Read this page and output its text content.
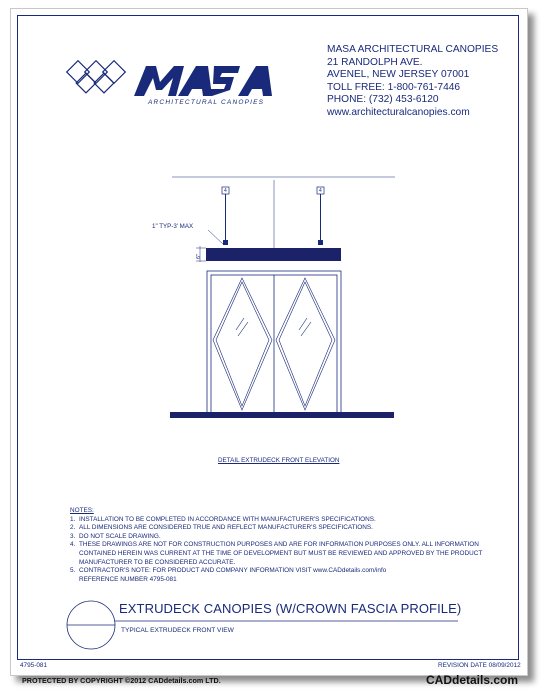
ARCHITECTURAL CANOPIES
MASA ARCHITECTURAL CANOPIES
21 RANDOLPH AVE.
AVENEL, NEW JERSEY 07001
TOLL FREE: 1-800-761-7446
PHONE: (732) 453-6120
www.architecturalcanopies.com
4	4
1" TYP-3' MAX
6"
DETAIL EXTRUDECK FRONT ELEVATION
NOTES:
1. INSTALLATION TO BE COMPLETED IN ACCORDANCE WITH MANUFACTURER'S SPECIFICATIONS.
2. ALL DIMENSIONS ARE CONSIDERED TRUE AND REFLECT MANUFACTURER'S SPECIFICATIONS.
3. DO NOT SCALE DRAWING.
4. THESE DRAWINGS ARE NOT FOR CONSTRUCTION PURPOSES AND ARE FOR INFORMATION PURPOSES ONLY. ALL INFORMATION CONTAINED HEREIN WAS CURRENT AT THE TIME OF DEVELOPMENT BUT MUST BE REVIEWED AND APPROVED BY THE PRODUCT MANUFACTURER TO BE CONSIDERED ACCURATE.
5. CONTRACTOR'S NOTE: FOR PRODUCT AND COMPANY INFORMATION VISIT www.CADdetails.com/info
REFERENCE NUMBER 4795-081
EXTRUDECK CANOPIES (W/CROWN FASCIA PROFILE)
TYPICAL EXTRUDECK FRONT VIEW
4795-081	REVISION DATE 08/09/2012
PROTECTED BY COPYRIGHT ©2012 CADdetails.com LTD.	CADdetails.com
